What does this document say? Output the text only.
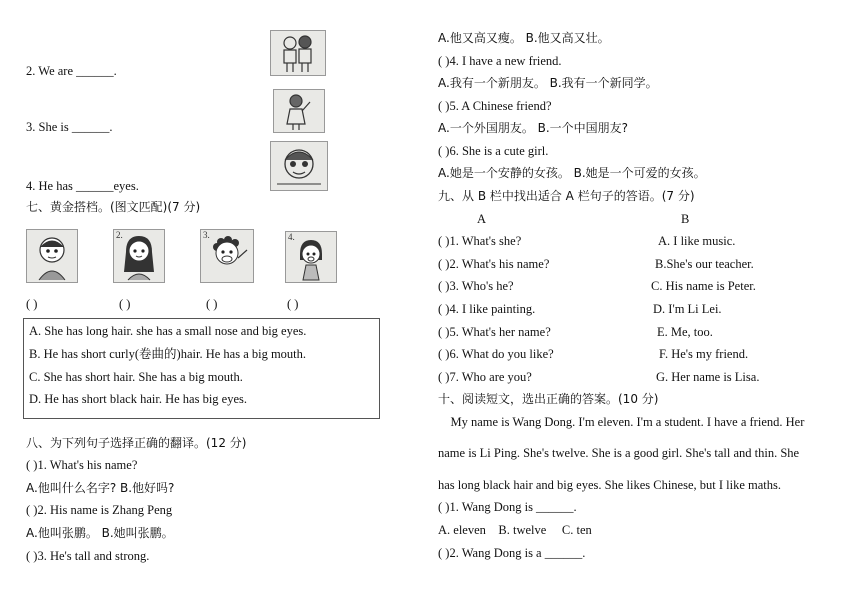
2. We are ______.
3. She is ______.
4. He has ______eyes.
七、黄金搭档。(图文匹配)(7 分)
2.	3.	4.
( )	( )	( )	( )
A. She has long hair. she has a small nose and big eyes.
B. He has short curly(卷曲的)hair. He has a big mouth.
C. She has short hair. She has a big mouth.
D. He has short black hair. He has big eyes.
八、为下列句子选择正确的翻译。(12 分)
( )1. What's his name?
A.他叫什么名字? B.他好吗?
( )2. His name is Zhang Peng
A.他叫张鹏。 B.她叫张鹏。
( )3. He's tall and strong.
A.他又高又瘦。 B.他又高又壮。
( )4. I have a new friend.
A.我有一个新朋友。 B.我有一个新同学。
( )5. A Chinese friend?
A.一个外国朋友。 B.一个中国朋友?
( )6. She is a cute girl.
A.她是一个安静的女孩。 B.她是一个可爱的女孩。
九、从 B 栏中找出适合 A 栏句子的答语。(7 分)
A	B
( )1. What's she?	A. I like music.
( )2. What's his name?	B.She's our teacher.
( )3. Who's he?	C. His name is Peter.
( )4. I like painting.	D. I'm Li Lei.
( )5. What's her name?	E. Me, too.
( )6. What do you like?	F. He's my friend.
( )7. Who are you?	G. Her name is Lisa.
十、阅读短文，选出正确的答案。(10 分)
My name is Wang Dong. I'm eleven. I'm a student. I have a friend. Her
name is Li Ping. She's twelve. She is a good girl. She's tall and thin. She
has long black hair and big eyes. She likes Chinese, but I like maths.
( )1. Wang Dong is ______.
A. eleven    B. twelve     C. ten
( )2. Wang Dong is a ______.
